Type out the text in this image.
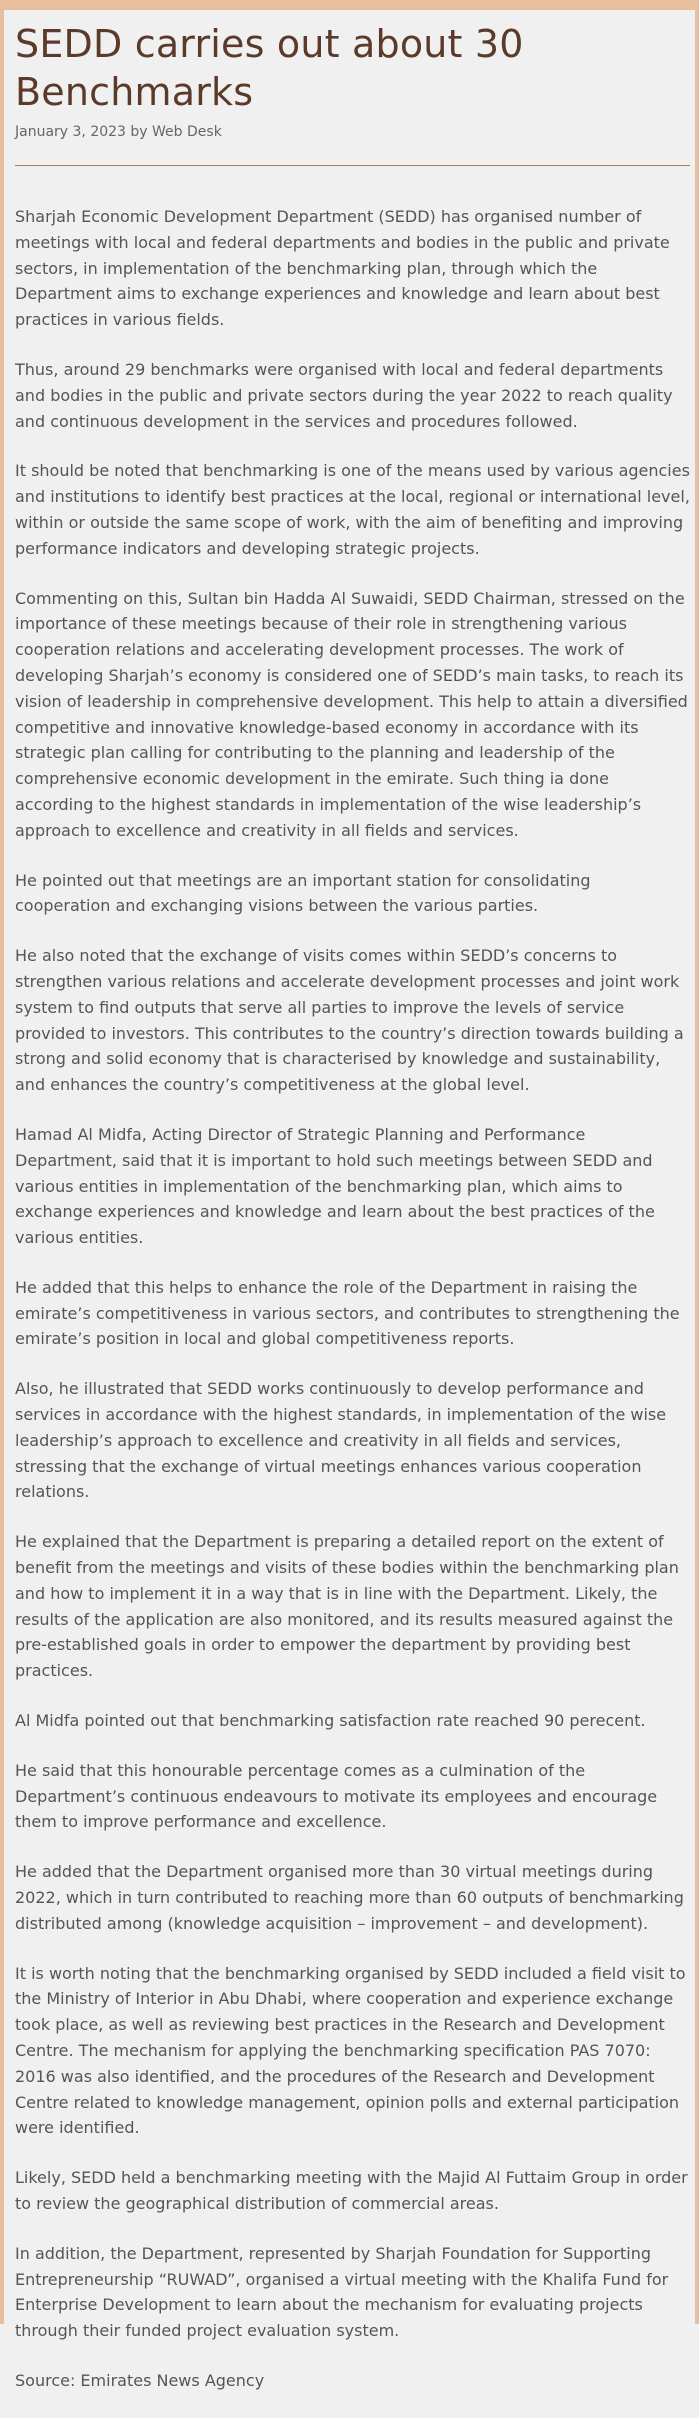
SEDD carries out about 30 Benchmarks
January 3, 2023 by Web Desk

Sharjah Economic Development Department (SEDD) has organised number of meetings with local and federal departments and bodies in the public and private sectors, in implementation of the benchmarking plan, through which the Department aims to exchange experiences and knowledge and learn about best practices in various fields.

Thus, around 29 benchmarks were organised with local and federal departments and bodies in the public and private sectors during the year 2022 to reach quality and continuous development in the services and procedures followed.

It should be noted that benchmarking is one of the means used by various agencies and institutions to identify best practices at the local, regional or international level, within or outside the same scope of work, with the aim of benefiting and improving performance indicators and developing strategic projects.

Commenting on this, Sultan bin Hadda Al Suwaidi, SEDD Chairman, stressed on the importance of these meetings because of their role in strengthening various cooperation relations and accelerating development processes. The work of developing Sharjah’s economy is considered one of SEDD’s main tasks, to reach its vision of leadership in comprehensive development. This help to attain a diversified competitive and innovative knowledge-based economy in accordance with its strategic plan calling for contributing to the planning and leadership of the comprehensive economic development in the emirate. Such thing ia done according to the highest standards in implementation of the wise leadership’s approach to excellence and creativity in all fields and services.

He pointed out that meetings are an important station for consolidating cooperation and exchanging visions between the various parties.

He also noted that the exchange of visits comes within SEDD’s concerns to strengthen various relations and accelerate development processes and joint work system to find outputs that serve all parties to improve the levels of service provided to investors. This contributes to the country’s direction towards building a strong and solid economy that is characterised by knowledge and sustainability, and enhances the country’s competitiveness at the global level.

Hamad Al Midfa, Acting Director of Strategic Planning and Performance Department, said that it is important to hold such meetings between SEDD and various entities in implementation of the benchmarking plan, which aims to exchange experiences and knowledge and learn about the best practices of the various entities.

He added that this helps to enhance the role of the Department in raising the emirate’s competitiveness in various sectors, and contributes to strengthening the emirate’s position in local and global competitiveness reports.

Also, he illustrated that SEDD works continuously to develop performance and services in accordance with the highest standards, in implementation of the wise leadership’s approach to excellence and creativity in all fields and services, stressing that the exchange of virtual meetings enhances various cooperation relations.

He explained that the Department is preparing a detailed report on the extent of benefit from the meetings and visits of these bodies within the benchmarking plan and how to implement it in a way that is in line with the Department. Likely, the results of the application are also monitored, and its results measured against the pre-established goals in order to empower the department by providing best practices.

Al Midfa pointed out that benchmarking satisfaction rate reached 90 perecent.

He said that this honourable percentage comes as a culmination of the Department’s continuous endeavours to motivate its employees and encourage them to improve performance and excellence.

He added that the Department organised more than 30 virtual meetings during 2022, which in turn contributed to reaching more than 60 outputs of benchmarking distributed among (knowledge acquisition – improvement – and development).

It is worth noting that the benchmarking organised by SEDD included a field visit to the Ministry of Interior in Abu Dhabi, where cooperation and experience exchange took place, as well as reviewing best practices in the Research and Development Centre. The mechanism for applying the benchmarking specification PAS 7070: 2016 was also identified, and the procedures of the Research and Development Centre related to knowledge management, opinion polls and external participation were identified.

Likely, SEDD held a benchmarking meeting with the Majid Al Futtaim Group in order to review the geographical distribution of commercial areas.

In addition, the Department, represented by Sharjah Foundation for Supporting Entrepreneurship “RUWAD”, organised a virtual meeting with the Khalifa Fund for Enterprise Development to learn about the mechanism for evaluating projects through their funded project evaluation system.

Source: Emirates News Agency
